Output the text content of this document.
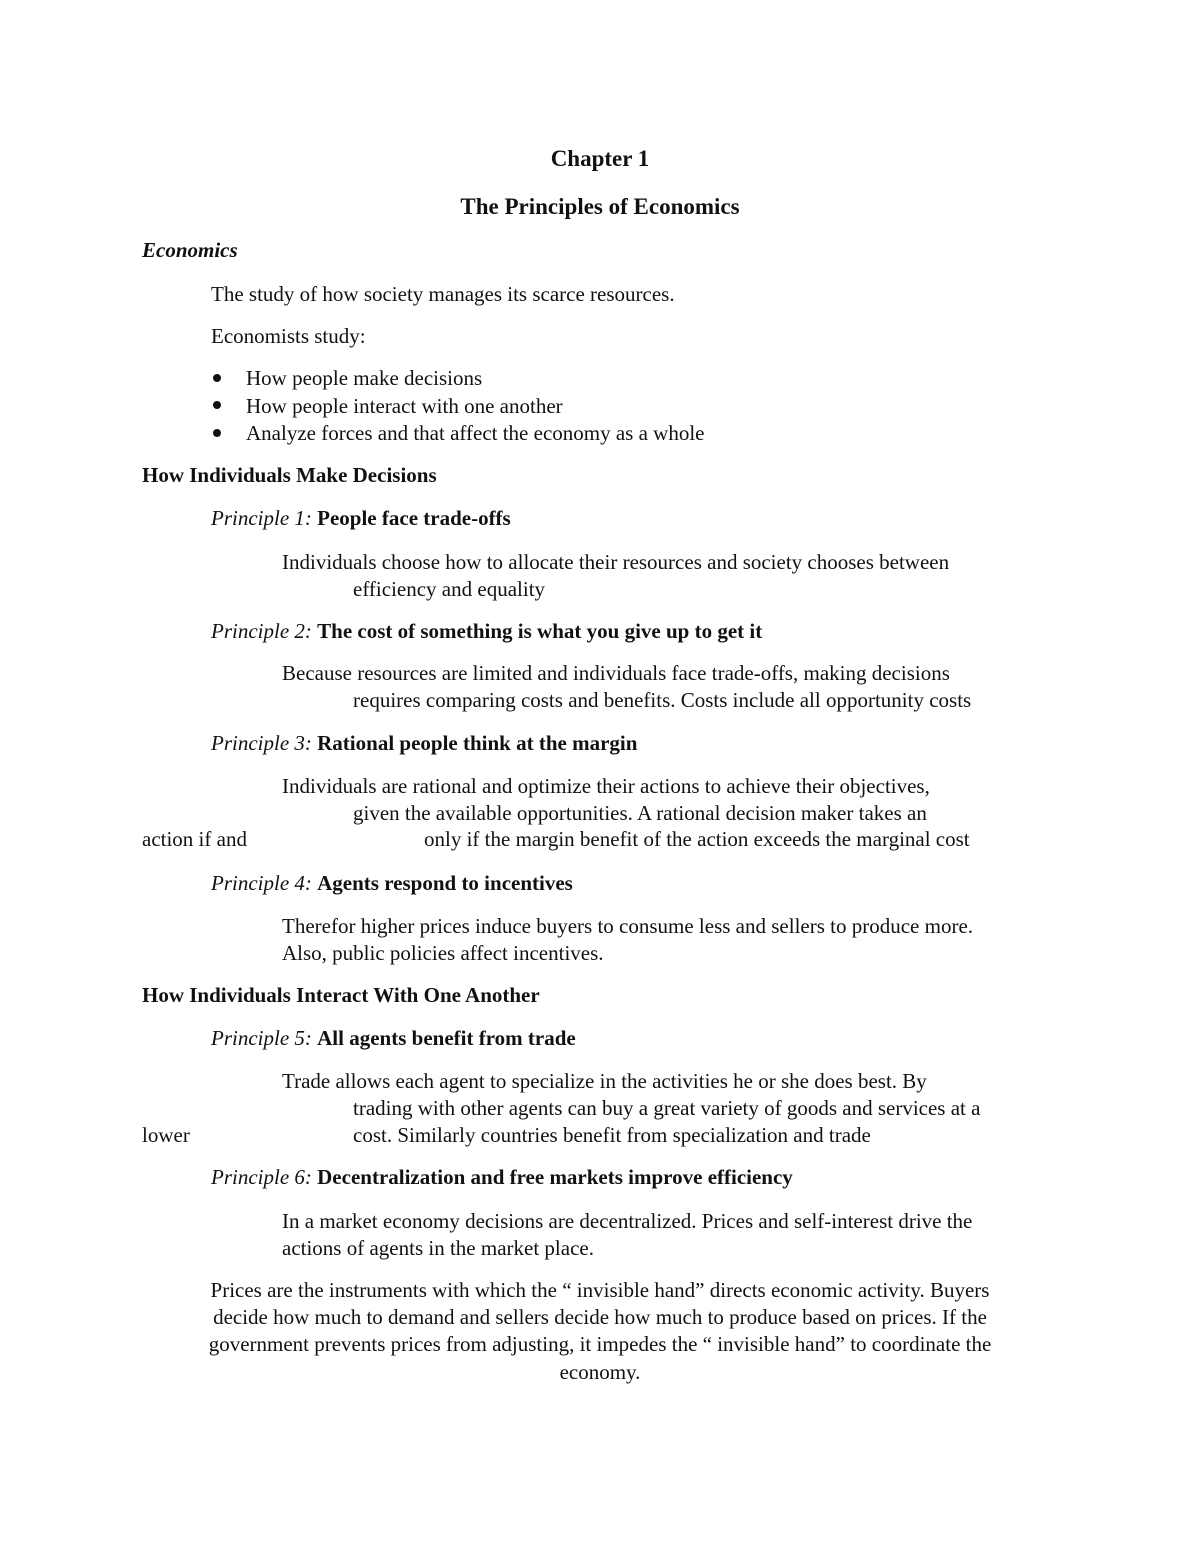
Chapter 1
The Principles of Economics
Economics
The study of how society manages its scarce resources.
Economists study:
How people make decisions
How people interact with one another
Analyze forces and that affect the economy as a whole
How Individuals Make Decisions
Principle 1: People face trade-offs
Individuals choose how to allocate their resources and society chooses between
efficiency and equality
Principle 2: The cost of something is what you give up to get it
Because resources are limited and individuals face trade-offs, making decisions
requires comparing costs and benefits. Costs include all opportunity costs
Principle 3: Rational people think at the margin
Individuals are rational and optimize their actions to achieve their objectives,
given the available opportunities. A rational decision maker takes an
action if and	only if the margin benefit of the action exceeds the marginal cost
Principle 4: Agents respond to incentives
Therefor higher prices induce buyers to consume less and sellers to produce more.
Also, public policies affect incentives.
How Individuals Interact With One Another
Principle 5: All agents benefit from trade
Trade allows each agent to specialize in the activities he or she does best. By
trading with other agents can buy a great variety of goods and services at a
lower	cost. Similarly countries benefit from specialization and trade
Principle 6: Decentralization and free markets improve efficiency
In a market economy decisions are decentralized. Prices and self-interest drive the
actions of agents in the market place.
Prices are the instruments with which the “ invisible hand” directs economic activity. Buyers
decide how much to demand and sellers decide how much to produce based on prices. If the
government prevents prices from adjusting, it impedes the “ invisible hand” to coordinate the
economy.
